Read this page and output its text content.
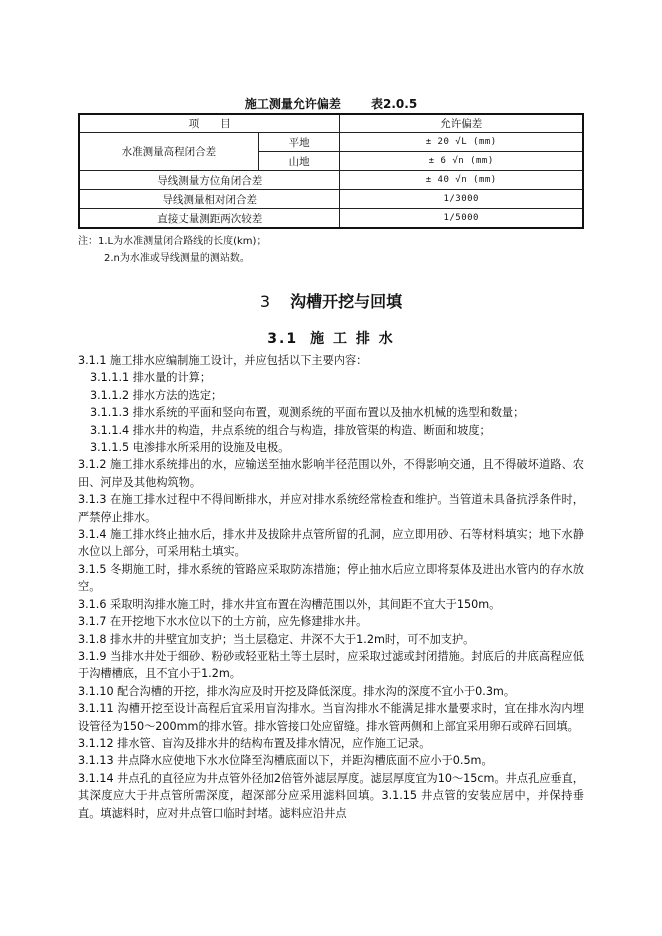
施工测量允许偏差	表2.0.5
项　　目		允许偏差
水准测量高程闭合差	平地	± 20 √L (mm)
	山地	± 6 √n (mm)
导线测量方位角闭合差		± 40 √n (mm)
导线测量相对闭合差		1/3000
直接丈量测距两次较差		1/5000
注：1.L为水准测量闭合路线的长度(km)；
2.n为水准或导线测量的测站数。
3 沟槽开挖与回填
3.1 施 工 排 水

3.1.1 施工排水应编制施工设计，并应包括以下主要内容：

3.1.1.1 排水量的计算；

3.1.1.2 排水方法的选定；

3.1.1.3 排水系统的平面和竖向布置，观测系统的平面布置以及抽水机械的选型和数量；

3.1.1.4 排水井的构造，井点系统的组合与构造，排放管渠的构造、断面和坡度；

3.1.1.5 电渗排水所采用的设施及电极。

3.1.2 施工排水系统排出的水，应输送至抽水影响半径范围以外，不得影响交通，且不得破坏道路、农田、河岸及其他构筑物。

3.1.3 在施工排水过程中不得间断排水，并应对排水系统经常检查和维护。当管道未具备抗浮条件时，严禁停止排水。

3.1.4 施工排水终止抽水后，排水井及拔除井点管所留的孔洞，应立即用砂、石等材料填实；地下水静水位以上部分，可采用粘土填实。

3.1.5 冬期施工时，排水系统的管路应采取防冻措施；停止抽水后应立即将泵体及进出水管内的存水放空。

3.1.6 采取明沟排水施工时，排水井宜布置在沟槽范围以外，其间距不宜大于150m。

3.1.7 在开挖地下水水位以下的土方前，应先修建排水井。

3.1.8 排水井的井壁宜加支护；当土层稳定、井深不大于1.2m时，可不加支护。

3.1.9 当排水井处于细砂、粉砂或轻亚粘土等土层时，应采取过滤或封闭措施。封底后的井底高程应低于沟槽槽底，且不宜小于1.2m。

3.1.10 配合沟槽的开挖，排水沟应及时开挖及降低深度。排水沟的深度不宜小于0.3m。

3.1.11 沟槽开挖至设计高程后宜采用盲沟排水。当盲沟排水不能满足排水量要求时，宜在排水沟内埋设管径为150～200mm的排水管。排水管接口处应留缝。排水管两侧和上部宜采用卵石或碎石回填。

3.1.12 排水管、盲沟及排水井的结构布置及排水情况，应作施工记录。

3.1.13 井点降水应使地下水水位降至沟槽底面以下，并距沟槽底面不应小于0.5m。

3.1.14 井点孔的直径应为井点管外径加2倍管外滤层厚度。滤层厚度宜为10～15cm。井点孔应垂直，其深度应大于井点管所需深度，超深部分应采用滤料回填。3.1.15 井点管的安装应居中，并保持垂直。填滤料时，应对井点管口临时封堵。滤料应沿井点
